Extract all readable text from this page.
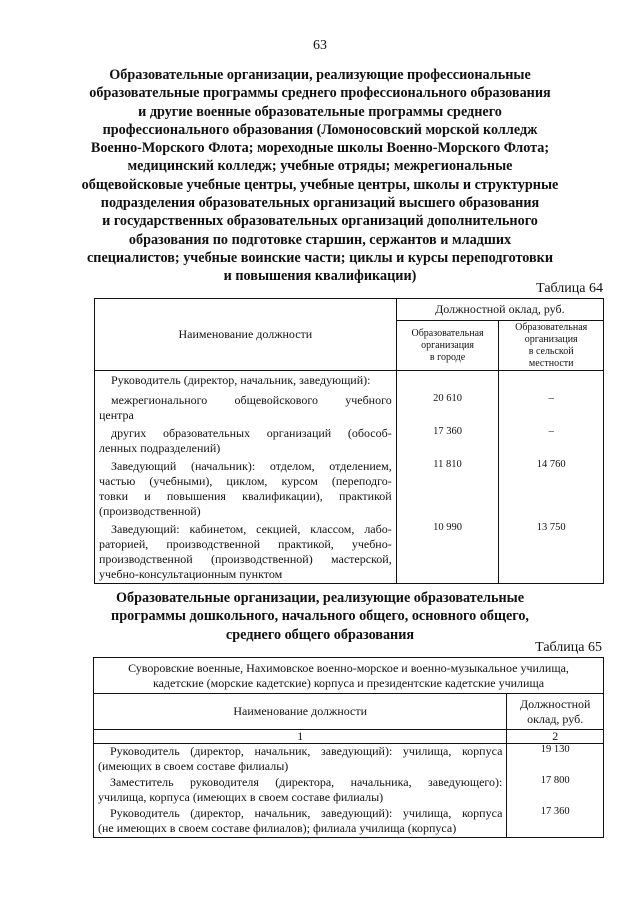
63
Образовательные организации, реализующие профессиональные
образовательные программы среднего профессионального образования
и другие военные образовательные программы среднего
профессионального образования (Ломоносовский морской колледж
Военно-Морского Флота; мореходные школы Военно-Морского Флота;
медицинский колледж; учебные отряды; межрегиональные
общевойсковые учебные центры, учебные центры, школы и структурные
подразделения образовательных организаций высшего образования
и государственных образовательных организаций дополнительного
образования по подготовке старшин, сержантов и младших
специалистов; учебные воинские части; циклы и курсы переподготовки
и повышения квалификации)
Таблица 64
Наименование должности	Должностной оклад, руб.	

	Образовательная
организация
в городе	Образовательная
организация
в сельской
местности

Руководитель (директор, начальник, заведующий):		

межрегионального общевойскового учебного
центра	20 610	–

других образовательных организаций (обособ-
ленных подразделений)	17 360	–

Заведующий (начальник): отделом, отделением,
частью (учебными), циклом, курсом (переподго-
товки и повышения квалификации), практикой
(производственной)	11 810	14 760

Заведующий: кабинетом, секцией, классом, лабо-
раторией, производственной практикой, учебно-
производственной (производственной) мастерской,
учебно-консультационным пунктом	10 990	13 750
Образовательные организации, реализующие образовательные
программы дошкольного, начального общего, основного общего,
среднего общего образования
Таблица 65
Суворовские военные, Нахимовское военно-морское и военно-музыкальное училища,
кадетские (морские кадетские) корпуса и президентские кадетские училища	

Наименование должности	Должностной
оклад, руб.

1	2

Руководитель (директор, начальник, заведующий): училища, корпуса
(имеющих в своем составе филиалы)	19 130

Заместитель руководителя (директора, начальника, заведующего):
училища, корпуса (имеющих в своем составе филиалы)	17 800

Руководитель (директор, начальник, заведующий): училища, корпуса
(не имеющих в своем составе филиалов); филиала училища (корпуса)	17 360
